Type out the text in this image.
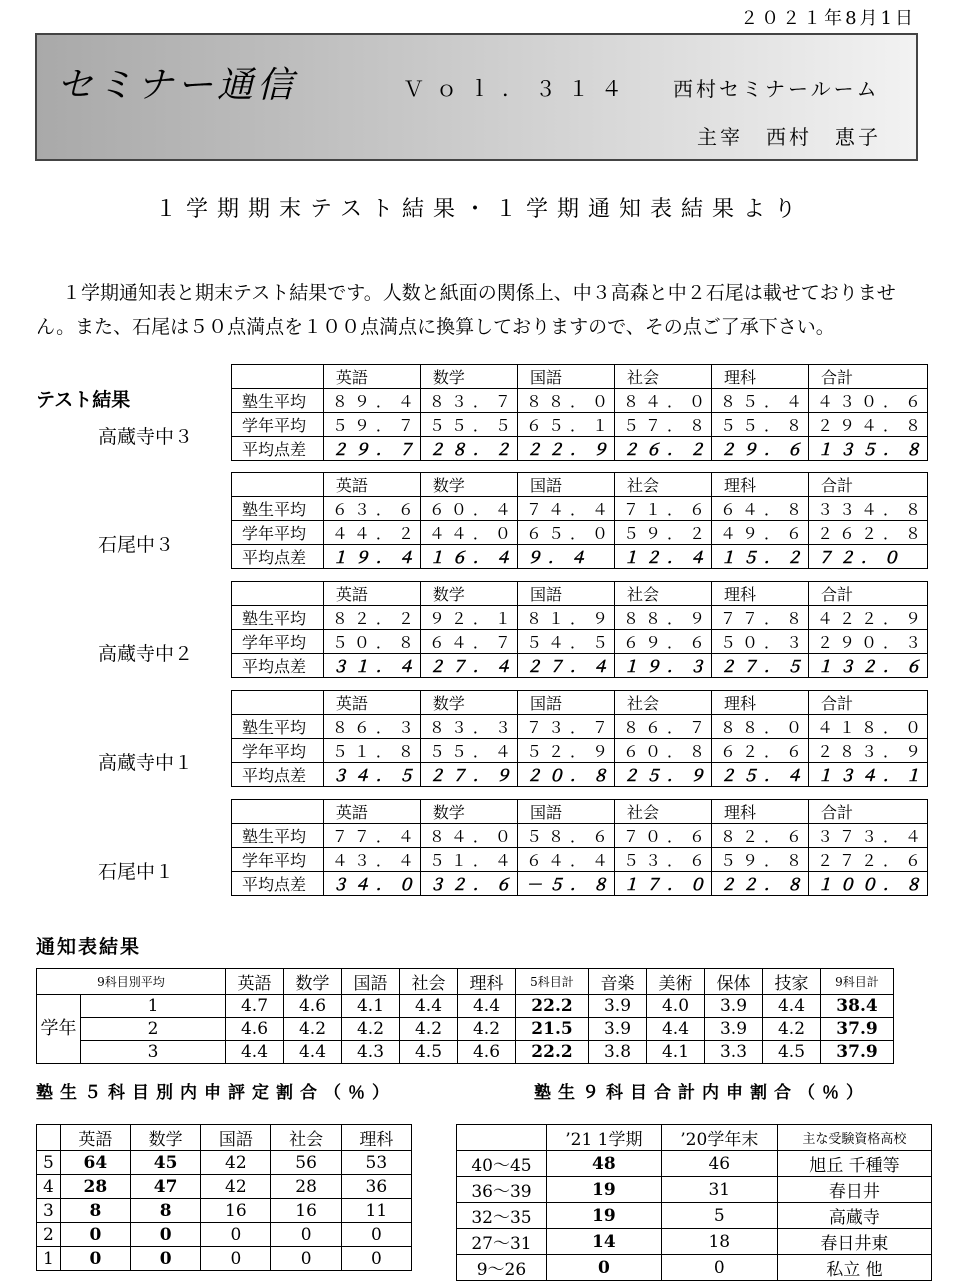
２０２１年8月1日
セミナー通信	Ｖｏｌ．３１４ 西村セミナールーム
主宰　西村　恵子
１学期期末テスト結果・１学期通知表結果より
１学期通知表と期末テスト結果です。人数と紙面の関係上、中３高森と中２石尾は載せておりません。また、石尾は５０点満点を１００点満点に換算しておりますので、その点ご了承下さい。
テスト結果
高蔵寺中３
	英語	数学	国語	社会	理科	合計
塾生平均	８９．４	８３．７	８８．０	８４．０	８５．４	４３０．６
学年平均	５９．７	５５．５	６５．１	５７．８	５５．８	２９４．８
平均点差	２９．７	２８．２	２２．９	２６．２	２９．６	１３５．８
石尾中３
	英語	数学	国語	社会	理科	合計
塾生平均	６３．６	６０．４	７４．４	７１．６	６４．８	３３４．８
学年平均	４４．２	４４．０	６５．０	５９．２	４９．６	２６２．８
平均点差	１９．４	１６．４	９．４	１２．４	１５．２	７２．０
高蔵寺中２
	英語	数学	国語	社会	理科	合計
塾生平均	８２．２	９２．１	８１．９	８８．９	７７．８	４２２．９
学年平均	５０．８	６４．７	５４．５	６９．６	５０．３	２９０．３
平均点差	３１．４	２７．４	２７．４	１９．３	２７．５	１３２．６
高蔵寺中１
	英語	数学	国語	社会	理科	合計
塾生平均	８６．３	８３．３	７３．７	８６．７	８８．０	４１８．０
学年平均	５１．８	５５．４	５２．９	６０．８	６２．６	２８３．９
平均点差	３４．５	２７．９	２０．８	２５．９	２５．４	１３４．１
石尾中１
	英語	数学	国語	社会	理科	合計
塾生平均	７７．４	８４．０	５８．６	７０．６	８２．６	３７３．４
学年平均	４３．４	５１．４	６４．４	５３．６	５９．８	２７２．６
平均点差	３４．０	３２．６	－５．８	１７．０	２２．８	１００．８
通知表結果
9科目別平均		英語	数学	国語	社会	理科	5科目計	音楽	美術	保体	技家	9科目計
学年	1	4.7	4.6	4.1	4.4	4.4	22.2	3.9	4.0	3.9	4.4	38.4
	2	4.6	4.2	4.2	4.2	4.2	21.5	3.9	4.4	3.9	4.2	37.9
	3	4.4	4.4	4.3	4.5	4.6	22.2	3.8	4.1	3.3	4.5	37.9
塾生５科目別内申評定割合（％）	塾生９科目合計内申割合（％）
	英語	数学	国語	社会	理科
5	64	45	42	56	53
4	28	47	42	28	36
3	8	8	16	16	11
2	0	0	0	0	0
1	0	0	0	0	0
	’21 1学期	’20学年末	主な受験資格高校
40～45	48	46	旭丘 千種等
36～39	19	31	春日井
32～35	19	5	高蔵寺
27～31	14	18	春日井東
9～26	0	0	私立 他
